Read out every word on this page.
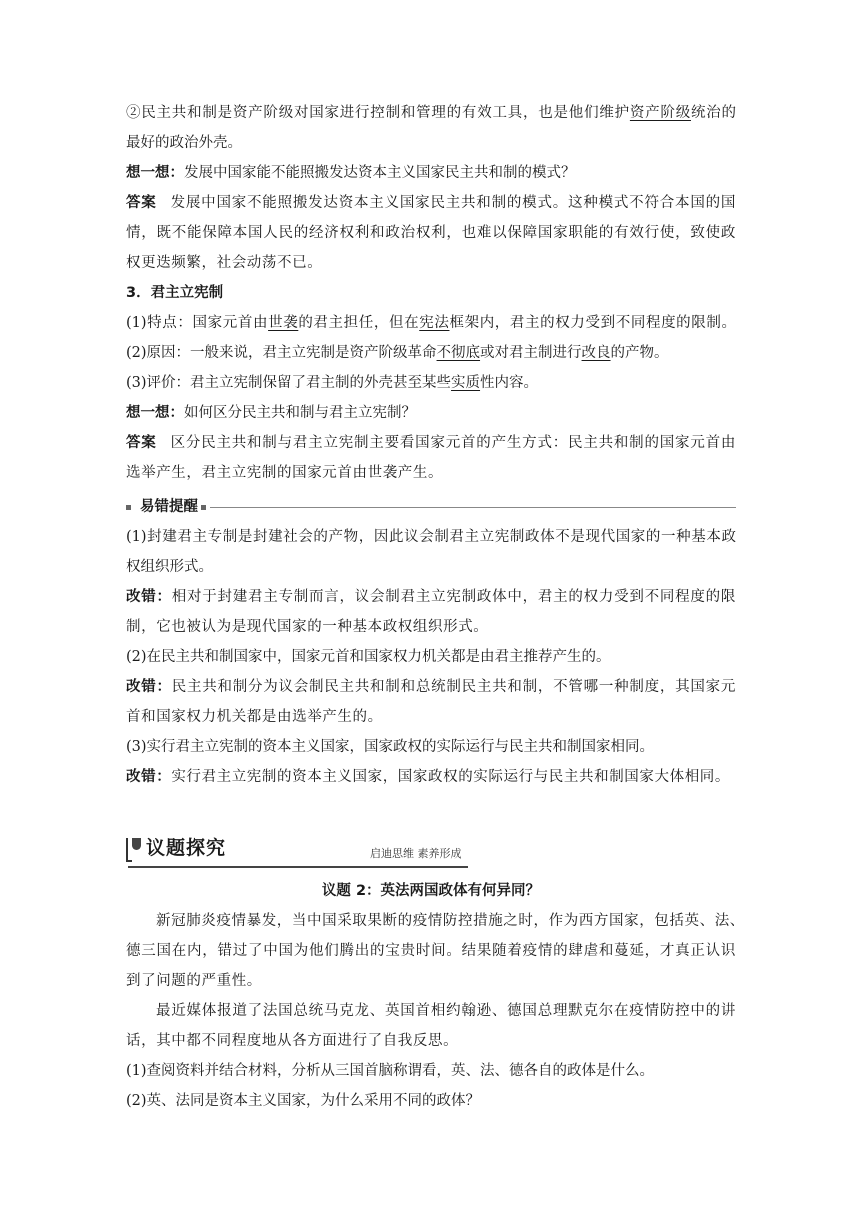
②民主共和制是资产阶级对国家进行控制和管理的有效工具，也是他们维护资产阶级统治的
最好的政治外壳。
想一想：发展中国家能不能照搬发达资本主义国家民主共和制的模式？
答案 发展中国家不能照搬发达资本主义国家民主共和制的模式。这种模式不符合本国的国
情，既不能保障本国人民的经济权利和政治权利，也难以保障国家职能的有效行使，致使政
权更迭频繁，社会动荡不已。
3．君主立宪制
(1)特点：国家元首由世袭的君主担任，但在宪法框架内，君主的权力受到不同程度的限制。
(2)原因：一般来说，君主立宪制是资产阶级革命不彻底或对君主制进行改良的产物。
(3)评价：君主立宪制保留了君主制的外壳甚至某些实质性内容。
想一想：如何区分民主共和制与君主立宪制？
答案 区分民主共和制与君主立宪制主要看国家元首的产生方式：民主共和制的国家元首由
选举产生，君主立宪制的国家元首由世袭产生。
易错提醒
(1)封建君主专制是封建社会的产物，因此议会制君主立宪制政体不是现代国家的一种基本政
权组织形式。
改错：相对于封建君主专制而言，议会制君主立宪制政体中，君主的权力受到不同程度的限
制，它也被认为是现代国家的一种基本政权组织形式。
(2)在民主共和制国家中，国家元首和国家权力机关都是由君主推荐产生的。
改错：民主共和制分为议会制民主共和制和总统制民主共和制，不管哪一种制度，其国家元
首和国家权力机关都是由选举产生的。
(3)实行君主立宪制的资本主义国家，国家政权的实际运行与民主共和制国家相同。
改错：实行君主立宪制的资本主义国家，国家政权的实际运行与民主共和制国家大体相同。
议题探究	启迪思维 素养形成
议题 2：英法两国政体有何异同？
新冠肺炎疫情暴发，当中国采取果断的疫情防控措施之时，作为西方国家，包括英、法、
德三国在内，错过了中国为他们腾出的宝贵时间。结果随着疫情的肆虐和蔓延，才真正认识
到了问题的严重性。
最近媒体报道了法国总统马克龙、英国首相约翰逊、德国总理默克尔在疫情防控中的讲
话，其中都不同程度地从各方面进行了自我反思。
(1)查阅资料并结合材料，分析从三国首脑称谓看，英、法、德各自的政体是什么。
(2)英、法同是资本主义国家，为什么采用不同的政体？
